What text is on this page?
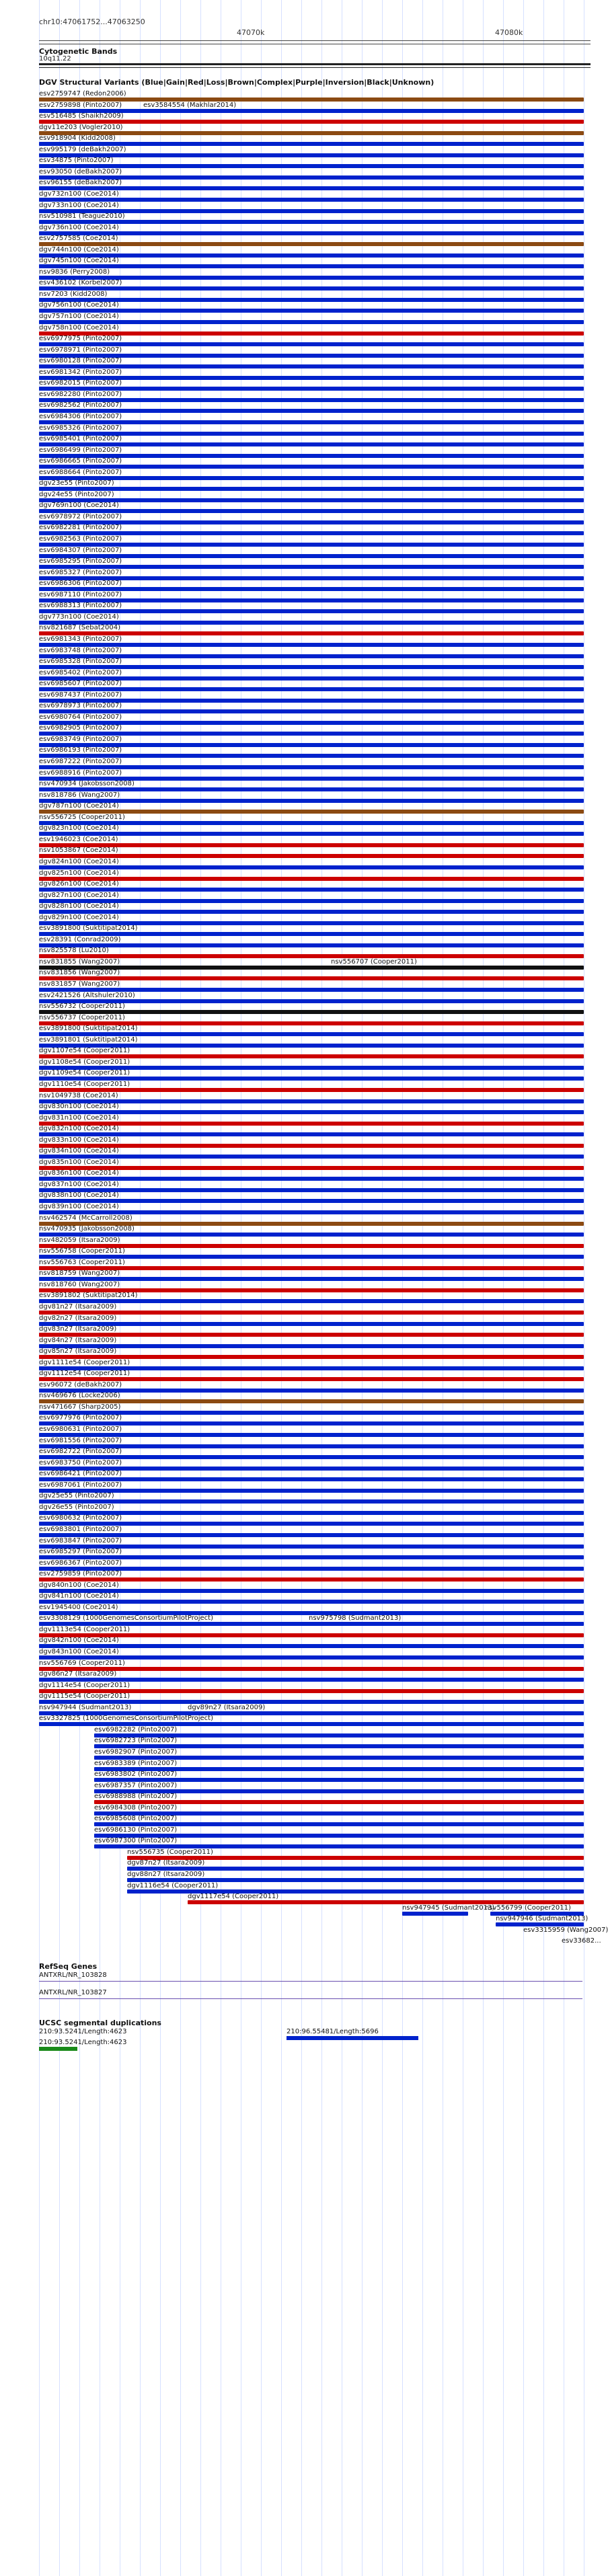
chr10:47061752...47063250
47070k	47080k
Cytogenetic Bands
10q11.22
DGV Structural Variants (Blue|Gain|Red|Loss|Brown|Complex|Purple|Inversion|Black|Unknown)
esv2759747 (Redon2006)
esv2759898 (Pinto2007)	esv3584554 (Makhlar2014)
esv516485 (Shaikh2009)
dgv11e203 (Vogler2010)
esv918904 (Kidd2008)
esv995179 (deBakh2007)
esv34875 (Pinto2007)
esv93050 (deBakh2007)
esv96155 (deBakh2007)
dgv732n100 (Coe2014)
dgv733n100 (Coe2014)
nsv510981 (Teague2010)
dgv736n100 (Coe2014)
esv2757585 (Coe2014)
dgv744n100 (Coe2014)
dgv745n100 (Coe2014)
nsv9836 (Perry2008)
esv436102 (Korbel2007)
nsv7203 (Kidd2008)
dgv756n100 (Coe2014)
dgv757n100 (Coe2014)
dgv758n100 (Coe2014)
esv6977975 (Pinto2007)
esv6978971 (Pinto2007)
esv6980128 (Pinto2007)
esv6981342 (Pinto2007)
esv6982015 (Pinto2007)
esv6982280 (Pinto2007)
esv6982562 (Pinto2007)
esv6984306 (Pinto2007)
esv6985326 (Pinto2007)
esv6985401 (Pinto2007)
esv6986499 (Pinto2007)
esv6986665 (Pinto2007)
esv6988664 (Pinto2007)
dgv23e55 (Pinto2007)
dgv24e55 (Pinto2007)
dgv769n100 (Coe2014)
esv6978972 (Pinto2007)
esv6982281 (Pinto2007)
esv6982563 (Pinto2007)
esv6984307 (Pinto2007)
esv6985295 (Pinto2007)
esv6985327 (Pinto2007)
esv6986306 (Pinto2007)
esv6987110 (Pinto2007)
esv6988313 (Pinto2007)
dgv773n100 (Coe2014)
nsv821687 (Sebat2004)
esv6981343 (Pinto2007)
esv6983748 (Pinto2007)
esv6985328 (Pinto2007)
esv6985402 (Pinto2007)
esv6985607 (Pinto2007)
esv6987437 (Pinto2007)
esv6978973 (Pinto2007)
esv6980764 (Pinto2007)
esv6982905 (Pinto2007)
esv6983749 (Pinto2007)
esv6986193 (Pinto2007)
esv6987222 (Pinto2007)
esv6988916 (Pinto2007)
nsv470934 (Jakobsson2008)
nsv818786 (Wang2007)
dgv787n100 (Coe2014)
nsv556725 (Cooper2011)
dgv823n100 (Coe2014)
esv1946023 (Coe2014)
nsv1053867 (Coe2014)
dgv824n100 (Coe2014)
dgv825n100 (Coe2014)
dgv826n100 (Coe2014)
dgv827n100 (Coe2014)
dgv828n100 (Coe2014)
dgv829n100 (Coe2014)
esv3891800 (Suktitipat2014)
esv28391 (Conrad2009)
nsv825578 (Lu2010)
nsv831855 (Wang2007)	nsv556707 (Cooper2011)
nsv831856 (Wang2007)
nsv831857 (Wang2007)
esv2421526 (Altshuler2010)
nsv556732 (Cooper2011)
nsv556737 (Cooper2011)
esv3891800 (Suktitipat2014)
esv3891801 (Suktitipat2014)
dgv1107e54 (Cooper2011)
dgv1108e54 (Cooper2011)
dgv1109e54 (Cooper2011)
dgv1110e54 (Cooper2011)
nsv1049738 (Coe2014)
dgv830n100 (Coe2014)
dgv831n100 (Coe2014)
dgv832n100 (Coe2014)
dgv833n100 (Coe2014)
dgv834n100 (Coe2014)
dgv835n100 (Coe2014)
dgv836n100 (Coe2014)
dgv837n100 (Coe2014)
dgv838n100 (Coe2014)
dgv839n100 (Coe2014)
nsv462574 (McCarroll2008)
nsv470935 (Jakobsson2008)
nsv482059 (Itsara2009)
nsv556758 (Cooper2011)
nsv556763 (Cooper2011)
nsv818759 (Wang2007)
nsv818760 (Wang2007)
esv3891802 (Suktitipat2014)
dgv81n27 (Itsara2009)
dgv82n27 (Itsara2009)
dgv83n27 (Itsara2009)
dgv84n27 (Itsara2009)
dgv85n27 (Itsara2009)
dgv1111e54 (Cooper2011)
dgv1112e54 (Cooper2011)
esv96072 (deBakh2007)
nsv469676 (Locke2006)
nsv471667 (Sharp2005)
esv6977976 (Pinto2007)
esv6980631 (Pinto2007)
esv6981556 (Pinto2007)
esv6982722 (Pinto2007)
esv6983750 (Pinto2007)
esv6986421 (Pinto2007)
esv6987061 (Pinto2007)
dgv25e55 (Pinto2007)
dgv26e55 (Pinto2007)
esv6980632 (Pinto2007)
esv6983801 (Pinto2007)
esv6983847 (Pinto2007)
esv6985297 (Pinto2007)
esv6986367 (Pinto2007)
esv2759859 (Pinto2007)
dgv840n100 (Coe2014)
dgv841n100 (Coe2014)
esv1945400 (Coe2014)
esv3308129 (1000GenomesConsortiumPilotProject)	nsv975798 (Sudmant2013)
dgv1113e54 (Cooper2011)
dgv842n100 (Coe2014)
dgv843n100 (Coe2014)
nsv556769 (Cooper2011)
dgv86n27 (Itsara2009)
dgv1114e54 (Cooper2011)
dgv1115e54 (Cooper2011)
nsv947944 (Sudmant2013)	dgv89n27 (Itsara2009)
esv3327825 (1000GenomesConsortiumPilotProject)
esv6982282 (Pinto2007)
esv6982723 (Pinto2007)
esv6982907 (Pinto2007)
esv6983389 (Pinto2007)
esv6983802 (Pinto2007)
esv6987357 (Pinto2007)
esv6988988 (Pinto2007)
esv6984308 (Pinto2007)
esv6985608 (Pinto2007)
esv6986130 (Pinto2007)
esv6987300 (Pinto2007)
nsv556735 (Cooper2011)
dgv87n27 (Itsara2009)
dgv88n27 (Itsara2009)
dgv1116e54 (Cooper2011)
dgv1117e54 (Cooper2011)
nsv947945 (Sudmant2013)
nsv556799 (Cooper2011)
nsv947946 (Sudmant2013)
esv3315959 (Wang2007)
esv33682...
RefSeq Genes
ANTXRL/NR_103828
ANTXRL/NR_103827
UCSC segmental duplications
210:93.5241/Length:4623	210:96.55481/Length:5696
210:93.5241/Length:4623
